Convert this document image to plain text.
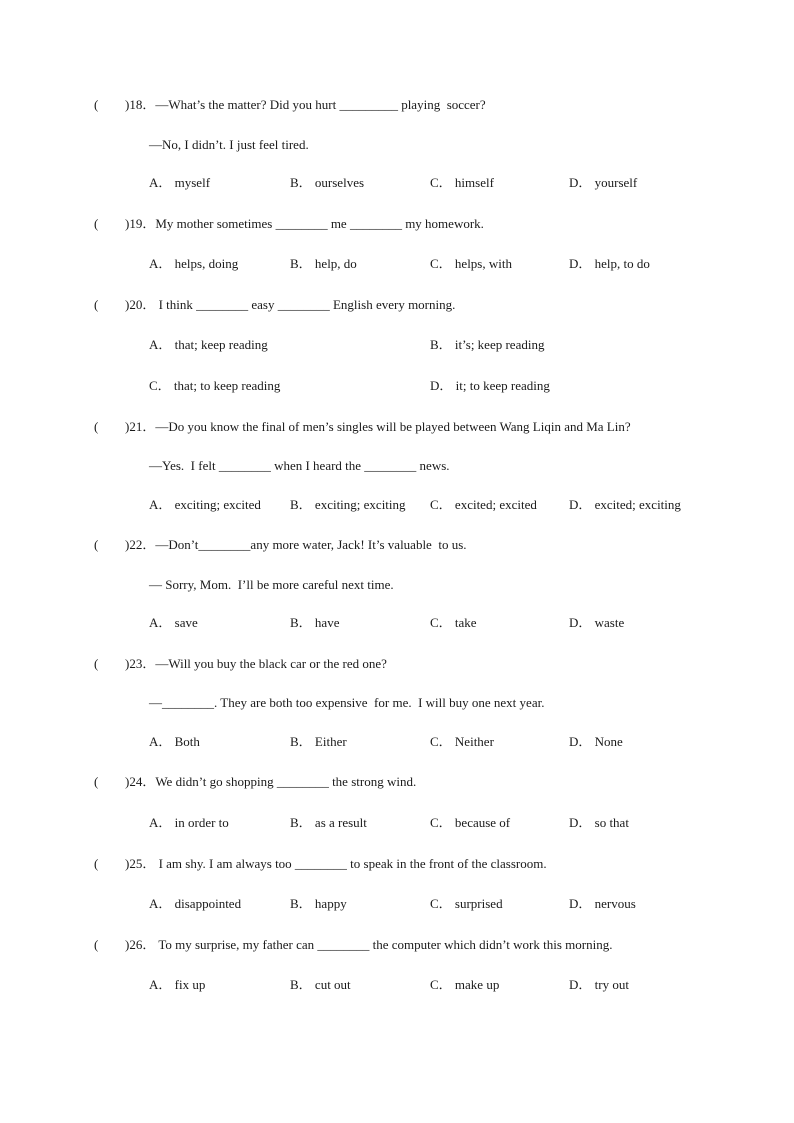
( )18．—What’s the matter? Did you hurt _________ playing  soccer?
—No, I didn’t. I just feel tired.
A． myself	B． ourselves	C． himself	D． yourself
( )19．My mother sometimes ________ me ________ my homework.
A． helps, doing	B． help, do	C． helps, with	D． help, to do
( )20． I think ________ easy ________ English every morning.
A． that; keep reading	B． it’s; keep reading
C． that; to keep reading	D． it; to keep reading
( )21．—Do you know the final of men’s singles will be played between Wang Liqin and Ma Lin?
—Yes.  I felt ________ when I heard the ________ news.
A． exciting; excited B． exciting; exciting C． excited; excited D． excited; exciting
( )22．—Don’t________any more water, Jack! It’s valuable  to us.
— Sorry, Mom.  I’ll be more careful next time.
A． save	B． have	C． take	D． waste
( )23．—Will you buy the black car or the red one?
—________. They are both too expensive  for me.  I will buy one next year.
A． Both	B． Either	C． Neither	D． None
( )24．We didn’t go shopping ________ the strong wind.
A． in order to	B． as a result	C． because of	D． so that
( )25． I am shy. I am always too ________ to speak in the front of the classroom.
A． disappointed	B． happy	C． surprised	D． nervous
( )26． To my surprise, my father can ________ the computer which didn’t work this morning.
A． fix up	B． cut out	C． make up	D． try out
